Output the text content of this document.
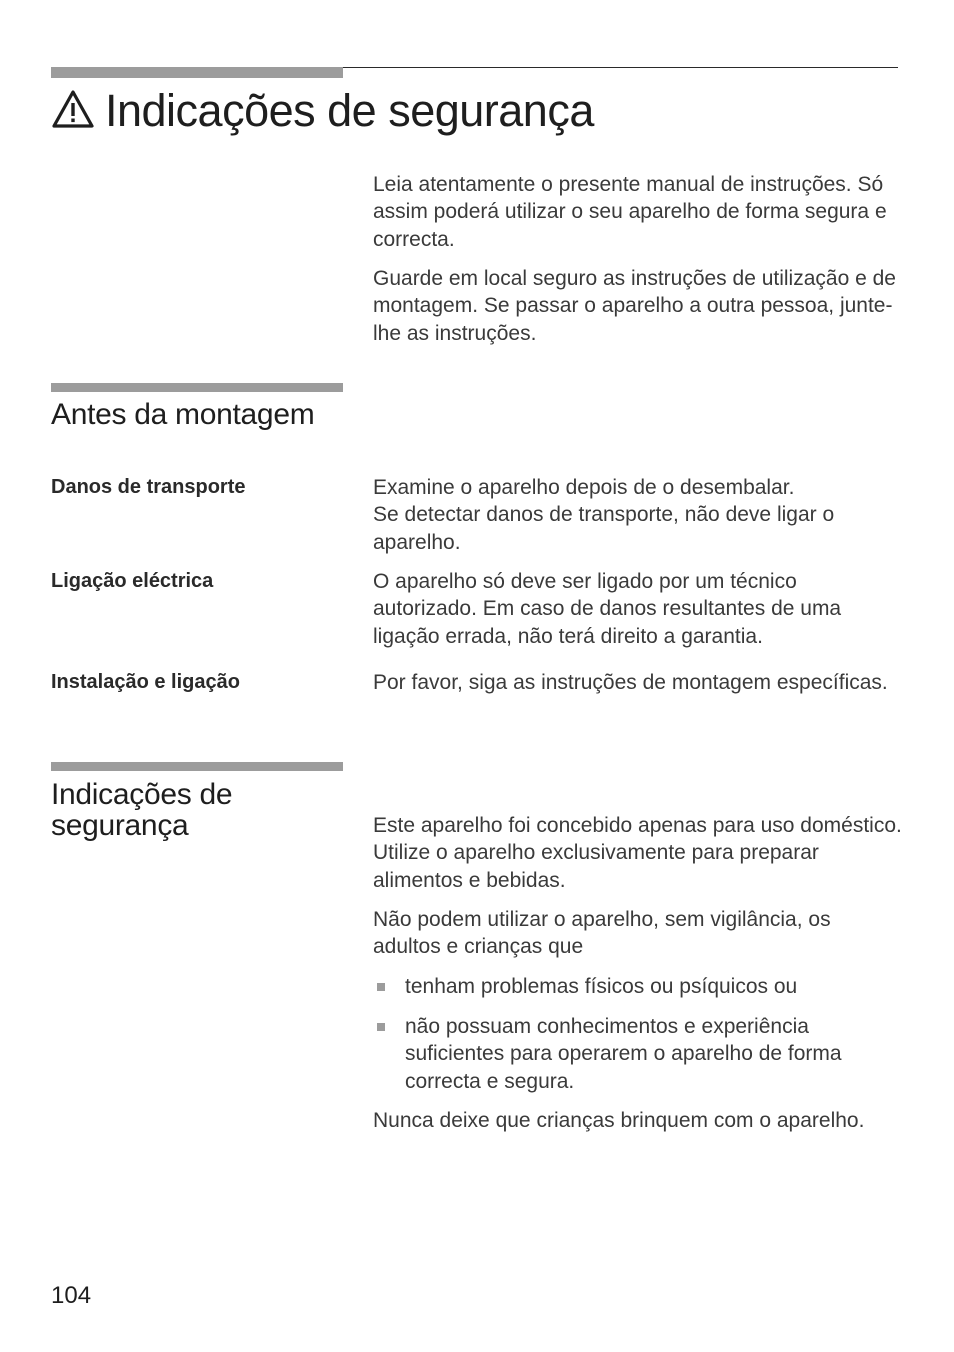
Indicações de segurança

Leia atentamente o presente manual de instruções. Só assim poderá utilizar o seu aparelho de forma segura e correcta.

Guarde em local seguro as instruções de utilização e de montagem. Se passar o aparelho a outra pessoa, junte-lhe as instruções.

Antes da montagem
Danos de transporte	Examine o aparelho depois de o desembalar.

Se detectar danos de transporte, não deve ligar o aparelho.

Ligação eléctrica	O aparelho só deve ser ligado por um técnico autorizado. Em caso de danos resultantes de uma ligação errada, não terá direito a garantia.

Instalação e ligação	Por favor, siga as instruções de montagem específicas.

Indicações de segurança	Este aparelho foi concebido apenas para uso doméstico. Utilize o aparelho exclusivamente para preparar alimentos e bebidas.

Não podem utilizar o aparelho, sem vigilância, os adultos e crianças que

tenham problemas físicos ou psíquicos ou
não possuam conhecimentos e experiência suficientes para operarem o aparelho de forma correcta e segura.

Nunca deixe que crianças brinquem com o aparelho.

104
